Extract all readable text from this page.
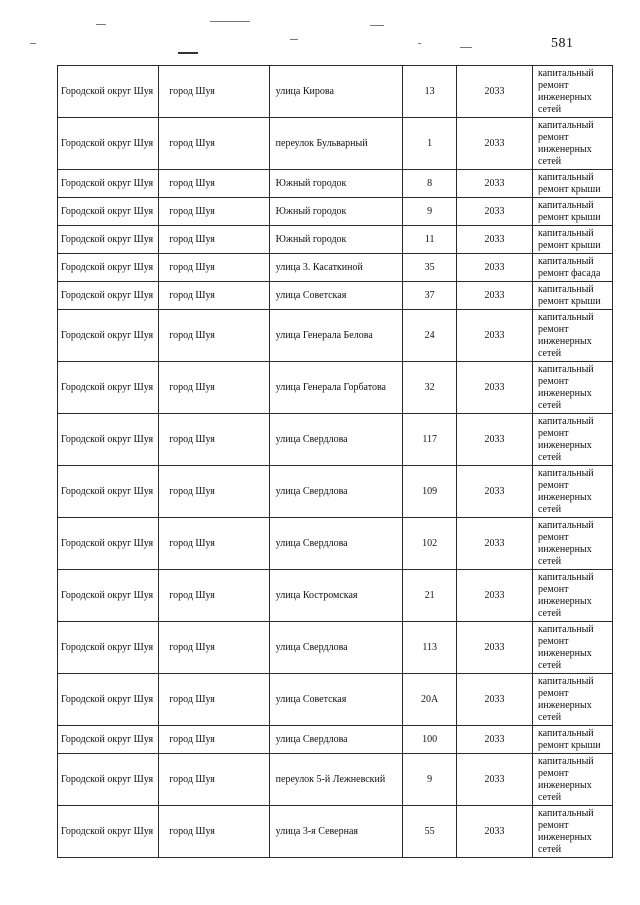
581
Городской округ Шуя	город Шуя	улица Кирова	13	2033	капитальный ремонт инженерных сетей
Городской округ Шуя	город Шуя	переулок Бульварный	1	2033	капитальный ремонт инженерных сетей
Городской округ Шуя	город Шуя	Южный городок	8	2033	капитальный ремонт крыши
Городской округ Шуя	город Шуя	Южный городок	9	2033	капитальный ремонт крыши
Городской округ Шуя	город Шуя	Южный городок	11	2033	капитальный ремонт крыши
Городской округ Шуя	город Шуя	улица 3. Касаткиной	35	2033	капитальный ремонт фасада
Городской округ Шуя	город Шуя	улица Советская	37	2033	капитальный ремонт крыши
Городской округ Шуя	город Шуя	улица Генерала Белова	24	2033	капитальный ремонт инженерных сетей
Городской округ Шуя	город Шуя	улица Генерала Горбатова	32	2033	капитальный ремонт инженерных сетей
Городской округ Шуя	город Шуя	улица Свердлова	117	2033	капитальный ремонт инженерных сетей
Городской округ Шуя	город Шуя	улица Свердлова	109	2033	капитальный ремонт инженерных сетей
Городской округ Шуя	город Шуя	улица Свердлова	102	2033	капитальный ремонт инженерных сетей
Городской округ Шуя	город Шуя	улица Костромская	21	2033	капитальный ремонт инженерных сетей
Городской округ Шуя	город Шуя	улица Свердлова	113	2033	капитальный ремонт инженерных сетей
Городской округ Шуя	город Шуя	улица Советская	20А	2033	капитальный ремонт инженерных сетей
Городской округ Шуя	город Шуя	улица Свердлова	100	2033	капитальный ремонт крыши
Городской округ Шуя	город Шуя	переулок 5-й Лежневский	9	2033	капитальный ремонт инженерных сетей
Городской округ Шуя	город Шуя	улица 3-я Северная	55	2033	капитальный ремонт инженерных сетей
